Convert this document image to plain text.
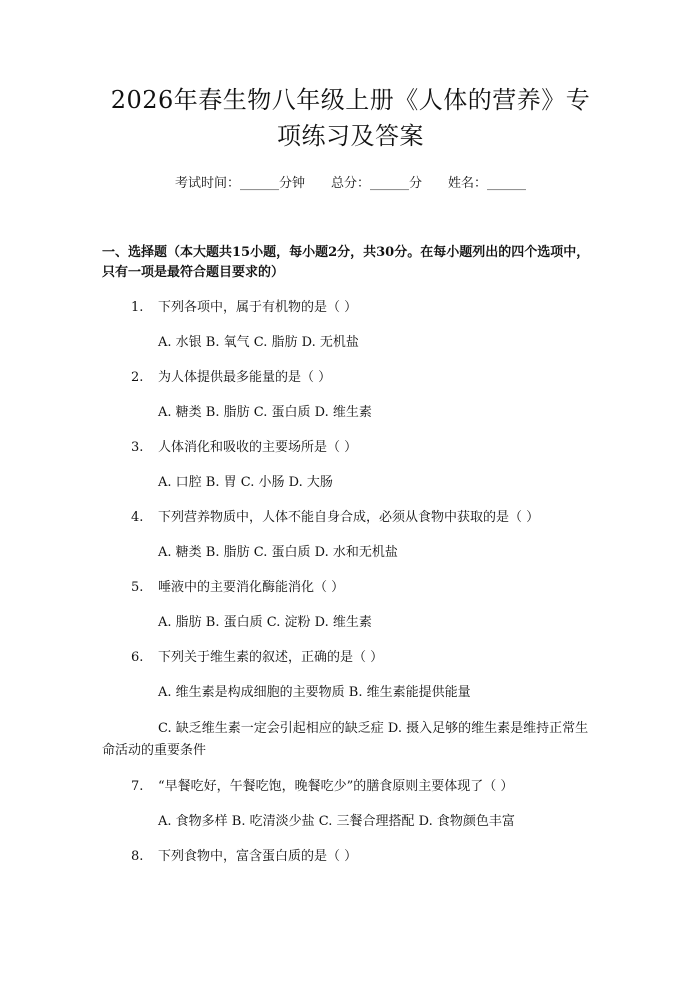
2026年春生物八年级上册《人体的营养》专
项练习及答案
考试时间：______分钟 总分：______分 姓名：______
一、选择题（本大题共15小题，每小题2分，共30分。在每小题列出的四个选项中，只有一项是最符合题目要求的）
1. 下列各项中，属于有机物的是（ ）
A. 水银 B. 氧气 C. 脂肪 D. 无机盐
2. 为人体提供最多能量的是（ ）
A. 糖类 B. 脂肪 C. 蛋白质 D. 维生素
3. 人体消化和吸收的主要场所是（ ）
A. 口腔 B. 胃 C. 小肠 D. 大肠
4. 下列营养物质中，人体不能自身合成，必须从食物中获取的是（ ）
A. 糖类 B. 脂肪 C. 蛋白质 D. 水和无机盐
5. 唾液中的主要消化酶能消化（ ）
A. 脂肪 B. 蛋白质 C. 淀粉 D. 维生素
6. 下列关于维生素的叙述，正确的是（ ）
A. 维生素是构成细胞的主要物质 B. 维生素能提供能量
C. 缺乏维生素一定会引起相应的缺乏症 D. 摄入足够的维生素是维持正常生命活动的重要条件
7. “早餐吃好，午餐吃饱，晚餐吃少”的膳食原则主要体现了（ ）
A. 食物多样 B. 吃清淡少盐 C. 三餐合理搭配 D. 食物颜色丰富
8. 下列食物中，富含蛋白质的是（ ）
